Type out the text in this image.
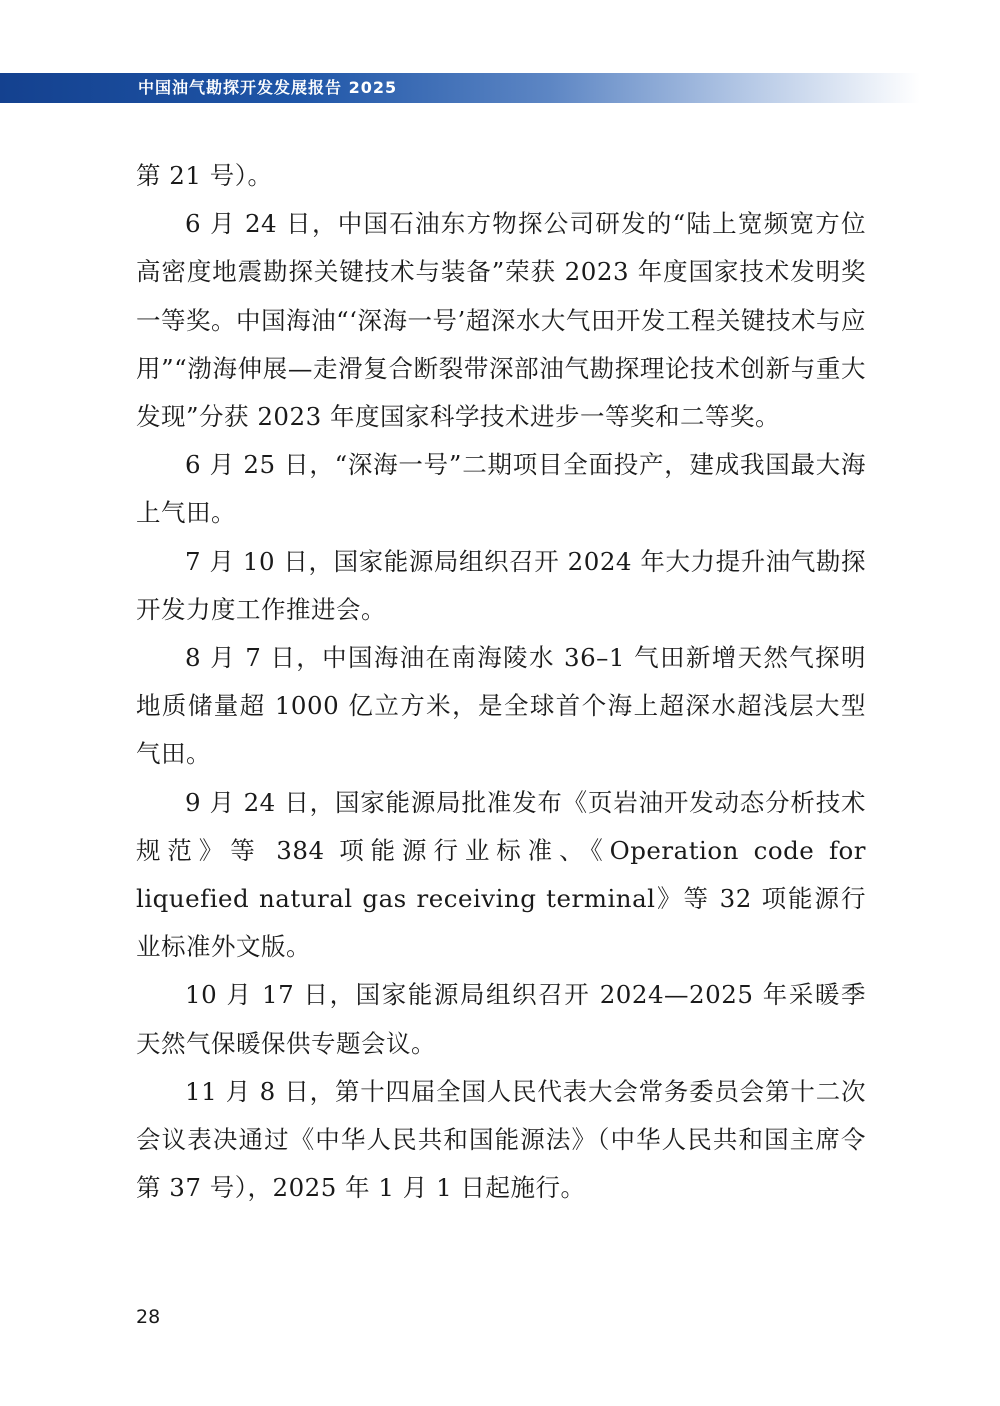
中国油气勘探开发发展报告 2025

第 21 号）。

6 月 24 日，中国石油东方物探公司研发的“陆上宽频宽方位高密度地震勘探关键技术与装备”荣获 2023 年度国家技术发明奖一等奖。中国海油“‘深海一号’超深水大气田开发工程关键技术与应用”“渤海伸展—走滑复合断裂带深部油气勘探理论技术创新与重大发现”分获 2023 年度国家科学技术进步一等奖和二等奖。

6 月 25 日，“深海一号”二期项目全面投产，建成我国最大海上气田。

7 月 10 日，国家能源局组织召开 2024 年大力提升油气勘探开发力度工作推进会。

8 月 7 日，中国海油在南海陵水 36–1 气田新增天然气探明地质储量超 1000 亿立方米，是全球首个海上超深水超浅层大型气田。

9 月 24 日，国家能源局批准发布《页岩油开发动态分析技术规范》等 384 项能源行业标准、《Operation code for liquefied natural gas receiving terminal》等 32 项能源行业标准外文版。

10 月 17 日，国家能源局组织召开 2024—2025 年采暖季天然气保暖保供专题会议。

11 月 8 日，第十四届全国人民代表大会常务委员会第十二次会议表决通过《中华人民共和国能源法》（中华人民共和国主席令第 37 号），2025 年 1 月 1 日起施行。

28
